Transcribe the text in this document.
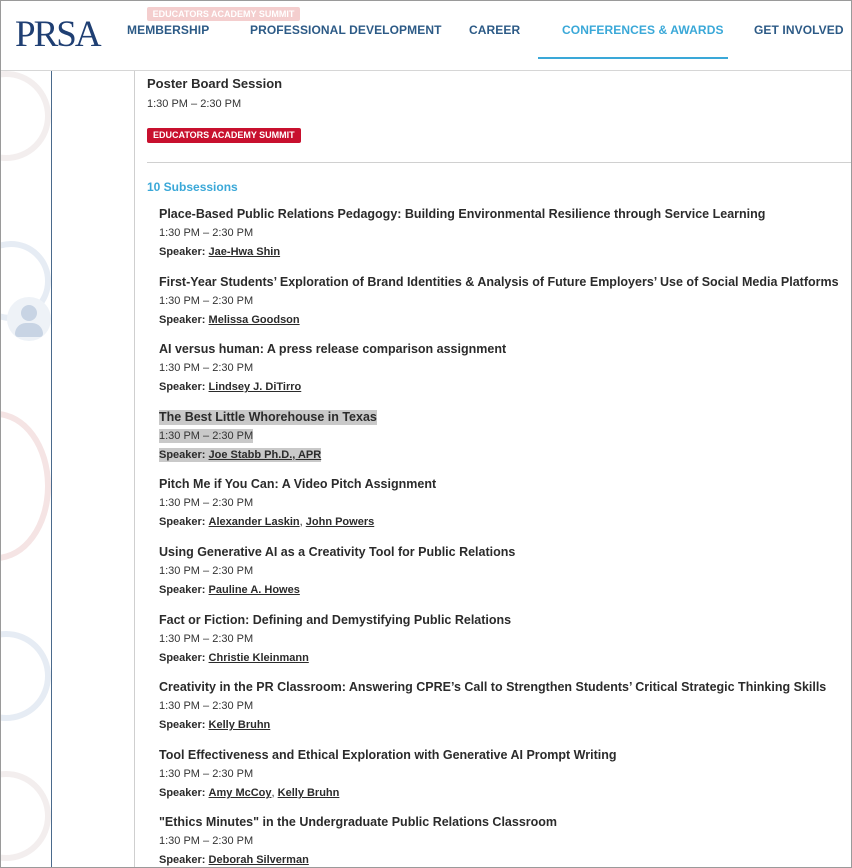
PRSA	EDUCATORS ACADEMY SUMMIT
MEMBERSHIP	PROFESSIONAL DEVELOPMENT CAREER	CONFERENCES & AWARDS	GET INVOLVED
Poster Board Session
1:30 PM – 2:30 PM
EDUCATORS ACADEMY SUMMIT
10 Subsessions
Place-Based Public Relations Pedagogy: Building Environmental Resilience through Service Learning
1:30 PM – 2:30 PM
Speaker: Jae-Hwa Shin
First-Year Students’ Exploration of Brand Identities & Analysis of Future Employers’ Use of Social Media Platforms
1:30 PM – 2:30 PM
Speaker: Melissa Goodson
AI versus human: A press release comparison assignment
1:30 PM – 2:30 PM
Speaker: Lindsey J. DiTirro
The Best Little Whorehouse in Texas
1:30 PM – 2:30 PM
Speaker: Joe Stabb Ph.D., APR
Pitch Me if You Can: A Video Pitch Assignment
1:30 PM – 2:30 PM
Speaker: Alexander Laskin, John Powers
Using Generative AI as a Creativity Tool for Public Relations
1:30 PM – 2:30 PM
Speaker: Pauline A. Howes
Fact or Fiction: Defining and Demystifying Public Relations
1:30 PM – 2:30 PM
Speaker: Christie Kleinmann
Creativity in the PR Classroom: Answering CPRE’s Call to Strengthen Students’ Critical Strategic Thinking Skills
1:30 PM – 2:30 PM
Speaker: Kelly Bruhn
Tool Effectiveness and Ethical Exploration with Generative AI Prompt Writing
1:30 PM – 2:30 PM
Speaker: Amy McCoy, Kelly Bruhn
"Ethics Minutes" in the Undergraduate Public Relations Classroom
1:30 PM – 2:30 PM
Speaker: Deborah Silverman
